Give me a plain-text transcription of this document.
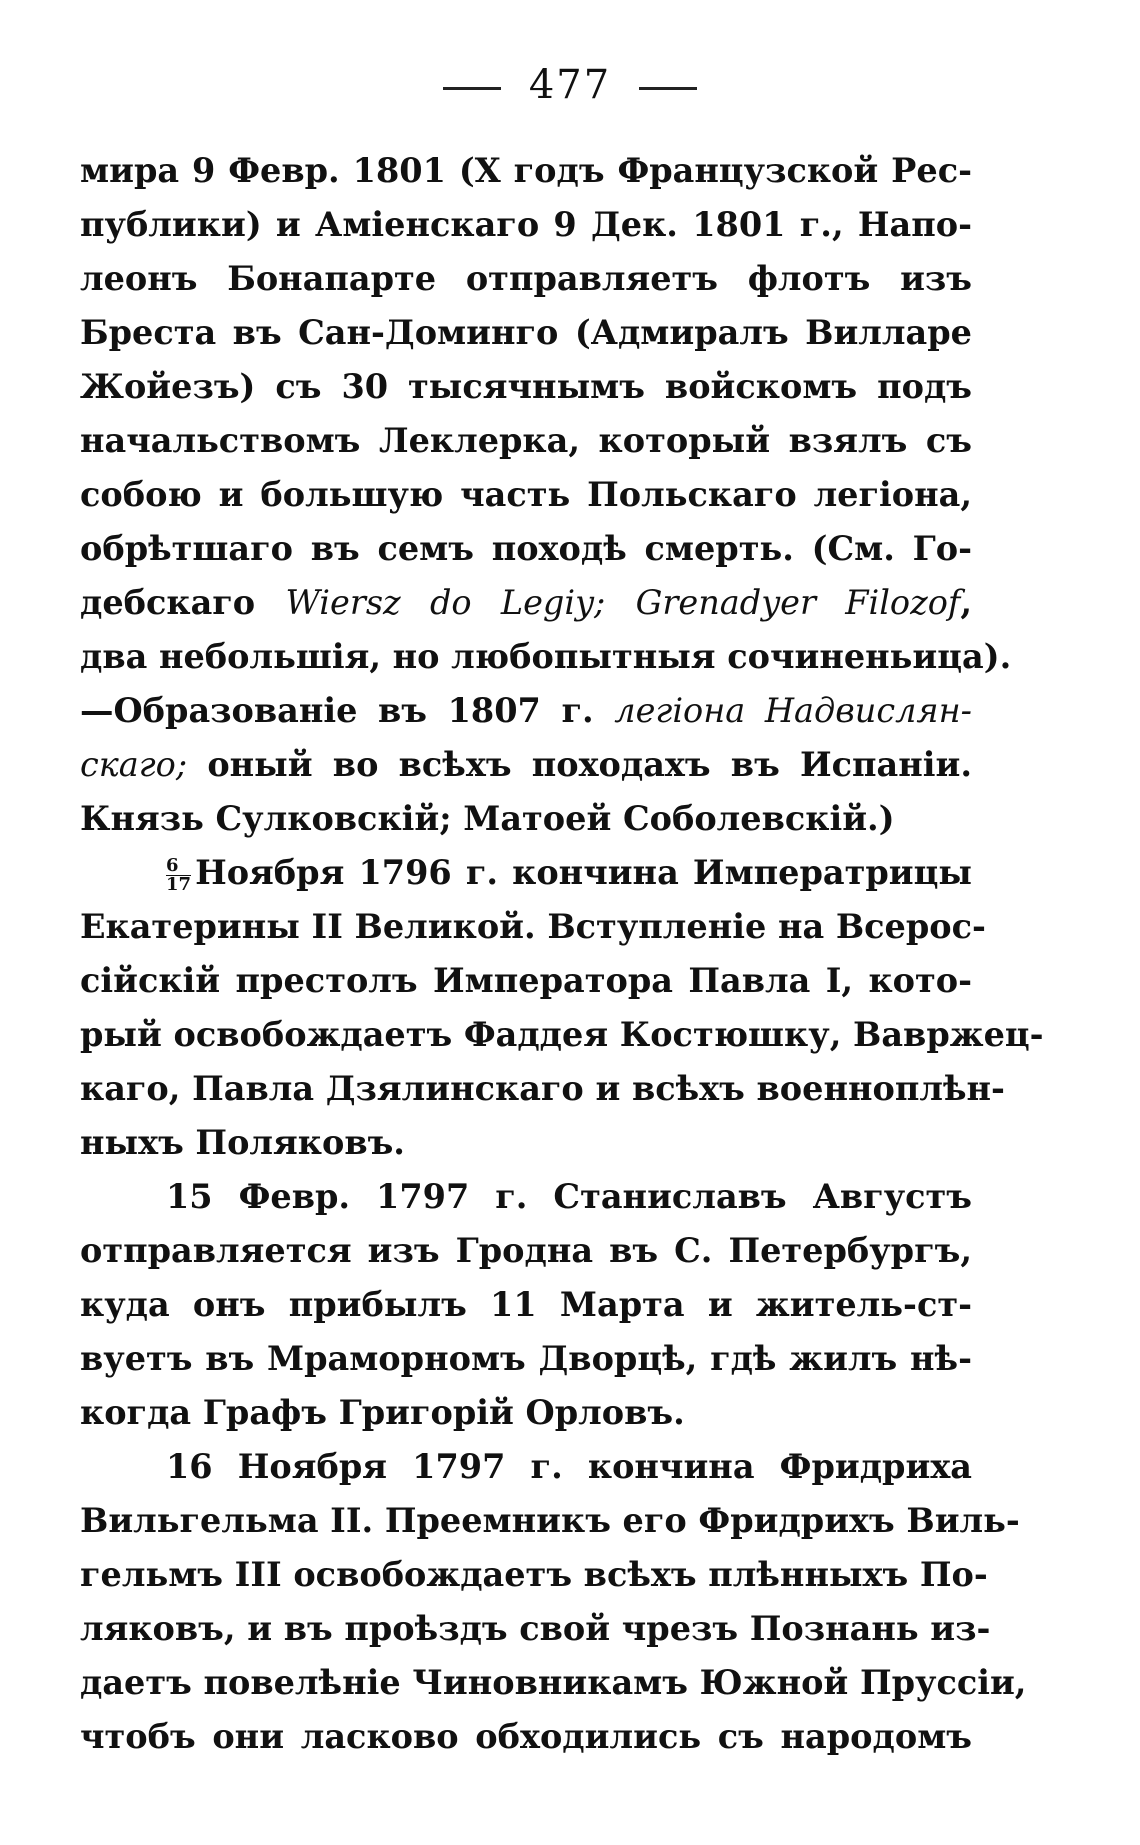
477
мира 9 Февр. 1801 (X годъ Французской Рес-
публики) и Аміенскаго 9 Дек. 1801 г., Напо-
леонъ Бонапарте отправляетъ флотъ изъ
Бреста въ Сан-Доминго (Адмиралъ Вилларе
Жойезъ) съ 30 тысячнымъ войскомъ подъ
начальствомъ Леклерка, который взялъ съ
собою и большую часть Польскаго легіона,
обрѣтшаго въ семъ походѣ смерть. (См. Го-
дебскаго Wiersz do Legiy; Grenadyer Filozof,
два небольшія, но любопытныя сочиненьица).
—Образованіе въ 1807 г. легіона Надвислян-
скаго; оный во всѣхъ походахъ въ Испаніи.
Князь Сулковскій; Матоей Соболевскій.)
$\frac{6}{17}$ Ноября 1796 г. кончина Императрицы
Екатерины II Великой. Вступленіе на Всерос-
сійскій престолъ Императора Павла I, кото-
рый освобождаетъ Фаддея Костюшку, Вавржец-
каго, Павла Дзялинскаго и всѣхъ военноплѣн-
ныхъ Поляковъ.
15 Февр. 1797 г. Станиславъ Августъ
отправляется изъ Гродна въ С. Петербургъ,
куда онъ прибылъ 11 Марта и житель-ст-
вуетъ въ Мраморномъ Дворцѣ, гдѣ жилъ нѣ-
когда Графъ Григорій Орловъ.
16 Ноября 1797 г. кончина Фридриха
Вильгельма II. Преемникъ его Фридрихъ Виль-
гельмъ III освобождаетъ всѣхъ плѣнныхъ По-
ляковъ, и въ проѣздъ свой чрезъ Познань из-
даетъ повелѣніе Чиновникамъ Южной Пруссіи,
чтобъ они ласково обходились съ народомъ
